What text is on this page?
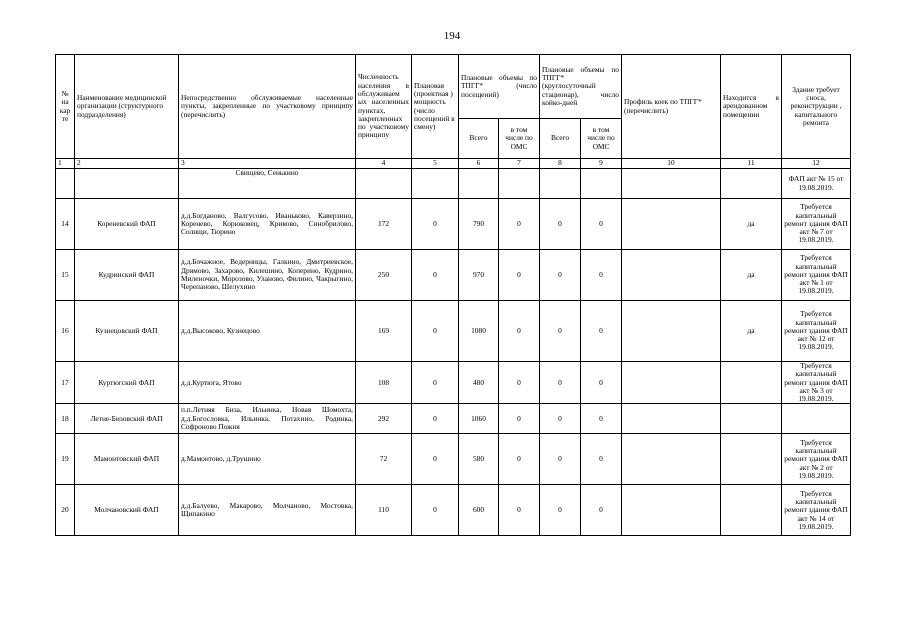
194
№ на кар те	Наименование медицинской организации (структурного подразделения)	Непосредственно обслуживаемые населенные пункты, закрепленные по участковому принципу (перечислить)	Численность населения в обслуживаем ых населенных пунктах, закрепленных по участковому принципу	Плановая (проектная ) мощность (число посещений в смену)	Плановые объемы по ТПГГ* (число посещений)		Плановые объемы по ТПГГ* (круглосуточный стационар), число койко-дней		Профиль коек по ТПГГ* (перечислить)	Находится в арендованном помещении	Здание требует сноса, реконструкции , капитального ремонта
					Всего	в том числе по ОМС	Всего	в том числе по ОМС			
1	2	3	4	5	6	7	8	9	10	11	12
		Свищево, Сенькино									ФАП акт № 15 от 19.08.2019.
14	Кореневский ФАП	д.д.Богданово, Валгусово, Иваньково, Каверзино, Коренево, Корюковец, Кривово, Синобрилово, Солищи, Тюрино	172	0	790	0	0	0		да	Требуется капитальный ремонт здания ФАП акт № 7 от 19.08.2019.
15	Кудринский ФАП	д.д.Бочажное, Ведерницы, Галкино, Дмитриевское, Дрямово, Захарово, Килешино, Коперино, Кудрино, Миленочки, Морозово, Уланово, Филино, Чакрыгино, Черепаново, Шелухино	250	0	970	0	0	0		да	Требуется капитальный ремонт здания ФАП акт № 1 от 19.08.2019.
16	Кузнецовский ФАП	д.д.Высоково, Кузнецово	169	0	1080	0	0	0		да	Требуется капитальный ремонт здания ФАП акт № 12 от 19.08.2019.
17	Куртюгский ФАП	д.д.Куртюга, Ятово	108	0	480	0	0	0			Требуется капитальный ремонт здания ФАП акт № 3 от 19.08.2019.
18	Летне-Бизовский ФАП	п.п.Летняя Биза, Ильинка, Новая Шомохта, д.д.Богословка, Ильинка, Потахино, Родинка, Софроново Пожня	292	0	1060	0	0	0			
19	Мамонтовский ФАП	д.Мамонтово, д.Трушино	72	0	580	0	0	0			Требуется капитальный ремонт здания ФАП акт № 2 от 19.08.2019.
20	Молчановский ФАП	д.д.Балуево, Макарово, Молчаново, Мостовка, Щипакино	110	0	600	0	0	0			Требуется капитальный ремонт здания ФАП акт № 14 от 19.08.2019.
